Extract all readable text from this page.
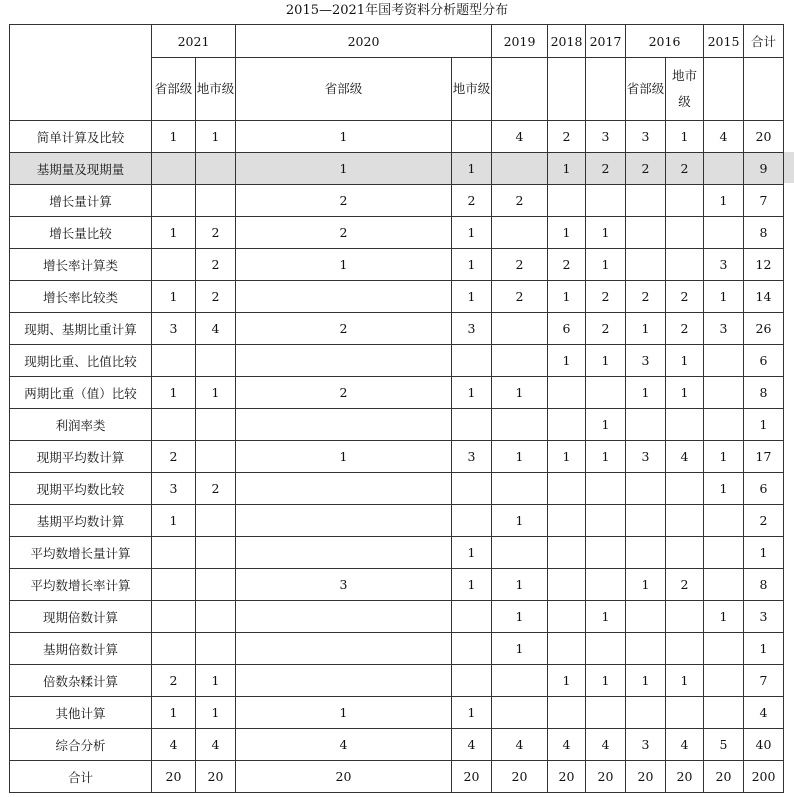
2015—2021年国考资料分析题型分布
	2021		2020		2019	2018	2017	2016		2015	合计
	省部级	地市级	省部级	地市级				省部级	地市级		
简单计算及比较	1	1	1		4	2	3	3	1	4	20
基期量及现期量			1	1		1	2	2	2		9
增长量计算			2	2	2					1	7
增长量比较	1	2	2	1		1	1				8
增长率计算类		2	1	1	2	2	1			3	12
增长率比较类	1	2		1	2	1	2	2	2	1	14
现期、基期比重计算	3	4	2	3		6	2	1	2	3	26
现期比重、比值比较						1	1	3	1		6
两期比重（值）比较	1	1	2	1	1			1	1		8
利润率类							1				1
现期平均数计算	2		1	3	1	1	1	3	4	1	17
现期平均数比较	3	2								1	6
基期平均数计算	1				1						2
平均数增长量计算				1							1
平均数增长率计算			3	1	1			1	2		8
现期倍数计算					1		1			1	3
基期倍数计算					1						1
倍数杂糅计算	2	1				1	1	1	1		7
其他计算	1	1	1	1							4
综合分析	4	4	4	4	4	4	4	3	4	5	40
合计	20	20	20	20	20	20	20	20	20	20	200
